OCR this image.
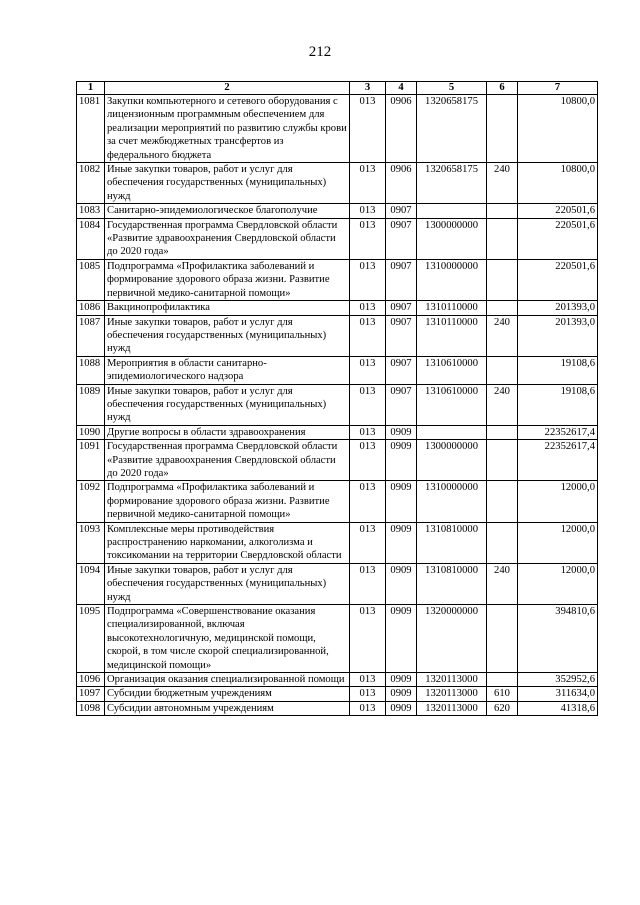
212
1	2	3	4	5	6	7
1081	Закупки компьютерного и сетевого оборудования с лицензионным программным обеспечением для реализации мероприятий по развитию службы крови за счет межбюджетных трансфертов из федерального бюджета	013	0906	1320658175		10800,0
1082	Иные закупки товаров, работ и услуг для обеспечения государственных (муниципальных) нужд	013	0906	1320658175	240	10800,0
1083	Санитарно-эпидемиологическое благополучие	013	0907			220501,6
1084	Государственная программа Свердловской области «Развитие здравоохранения Свердловской области до 2020 года»	013	0907	1300000000		220501,6
1085	Подпрограмма «Профилактика заболеваний и формирование здорового образа жизни. Развитие первичной медико-санитарной помощи»	013	0907	1310000000		220501,6
1086	Вакцинопрофилактика	013	0907	1310110000		201393,0
1087	Иные закупки товаров, работ и услуг для обеспечения государственных (муниципальных) нужд	013	0907	1310110000	240	201393,0
1088	Мероприятия в области санитарно-эпидемиологического надзора	013	0907	1310610000		19108,6
1089	Иные закупки товаров, работ и услуг для обеспечения государственных (муниципальных) нужд	013	0907	1310610000	240	19108,6
1090	Другие вопросы в области здравоохранения	013	0909			22352617,4
1091	Государственная программа Свердловской области «Развитие здравоохранения Свердловской области до 2020 года»	013	0909	1300000000		22352617,4
1092	Подпрограмма «Профилактика заболеваний и формирование здорового образа жизни. Развитие первичной медико-санитарной помощи»	013	0909	1310000000		12000,0
1093	Комплексные меры противодействия распространению наркомании, алкоголизма и токсикомании на территории Свердловской области	013	0909	1310810000		12000,0
1094	Иные закупки товаров, работ и услуг для обеспечения государственных (муниципальных) нужд	013	0909	1310810000	240	12000,0
1095	Подпрограмма «Совершенствование оказания специализированной, включая высокотехнологичную, медицинской помощи, скорой, в том числе скорой специализированной, медицинской помощи»	013	0909	1320000000		394810,6
1096	Организация оказания специализированной помощи	013	0909	1320113000		352952,6
1097	Субсидии бюджетным учреждениям	013	0909	1320113000	610	311634,0
1098	Субсидии автономным учреждениям	013	0909	1320113000	620	41318,6
